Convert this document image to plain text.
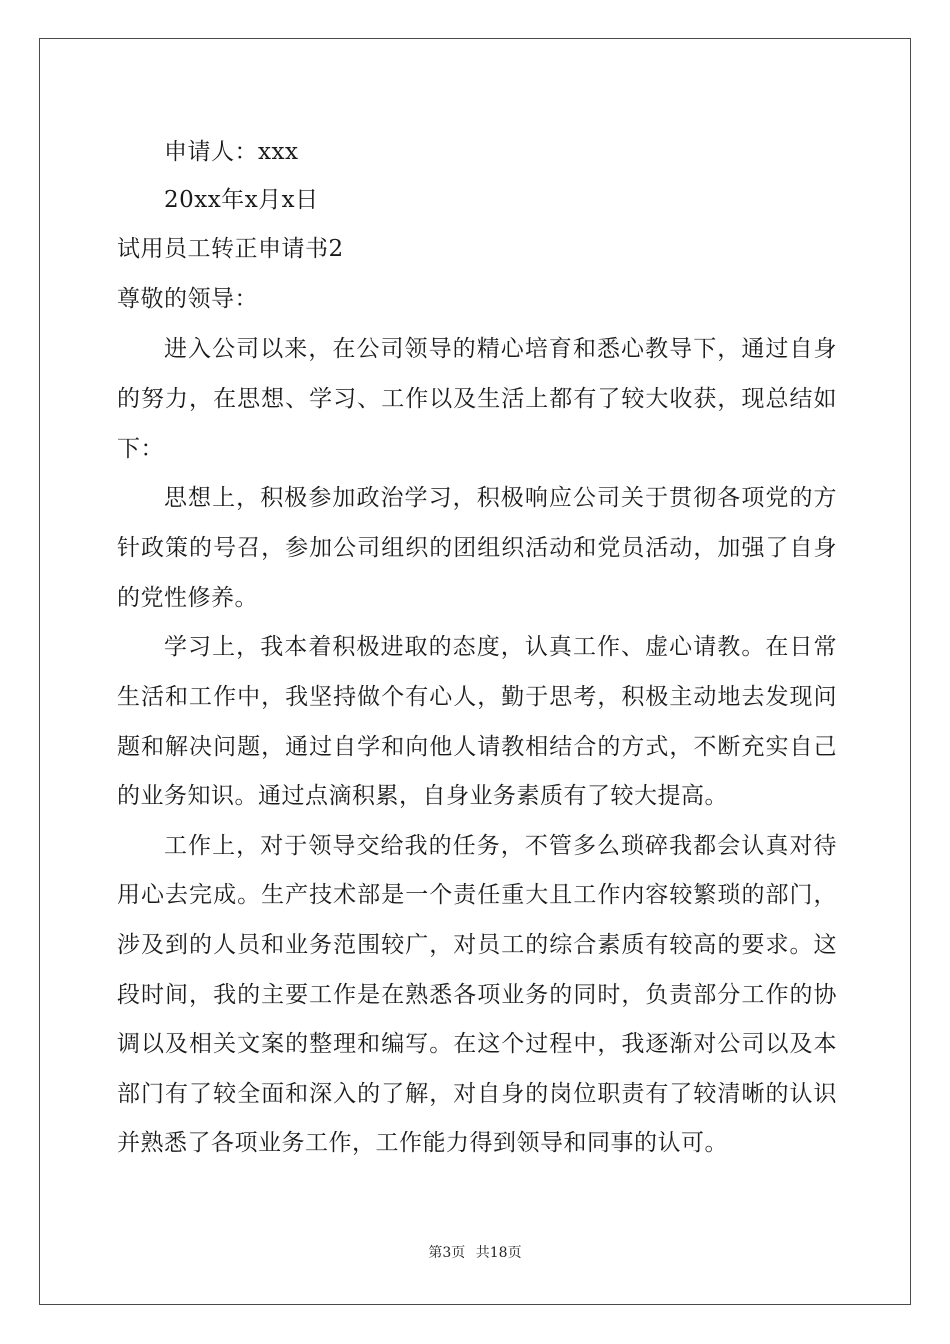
申请人：xxx
20xx年x月x日
试用员工转正申请书2
尊敬的领导：
进入公司以来，在公司领导的精心培育和悉心教导下，通过自身
的努力，在思想、学习、工作以及生活上都有了较大收获，现总结如
下：
思想上，积极参加政治学习，积极响应公司关于贯彻各项党的方
针政策的号召，参加公司组织的团组织活动和党员活动，加强了自身
的党性修养。
学习上，我本着积极进取的态度，认真工作、虚心请教。在日常
生活和工作中，我坚持做个有心人，勤于思考，积极主动地去发现问
题和解决问题，通过自学和向他人请教相结合的方式，不断充实自己
的业务知识。通过点滴积累，自身业务素质有了较大提高。
工作上，对于领导交给我的任务，不管多么琐碎我都会认真对待
用心去完成。生产技术部是一个责任重大且工作内容较繁琐的部门，
涉及到的人员和业务范围较广，对员工的综合素质有较高的要求。这
段时间，我的主要工作是在熟悉各项业务的同时，负责部分工作的协
调以及相关文案的整理和编写。在这个过程中，我逐渐对公司以及本
部门有了较全面和深入的了解，对自身的岗位职责有了较清晰的认识
并熟悉了各项业务工作，工作能力得到领导和同事的认可。
第3页 共18页
